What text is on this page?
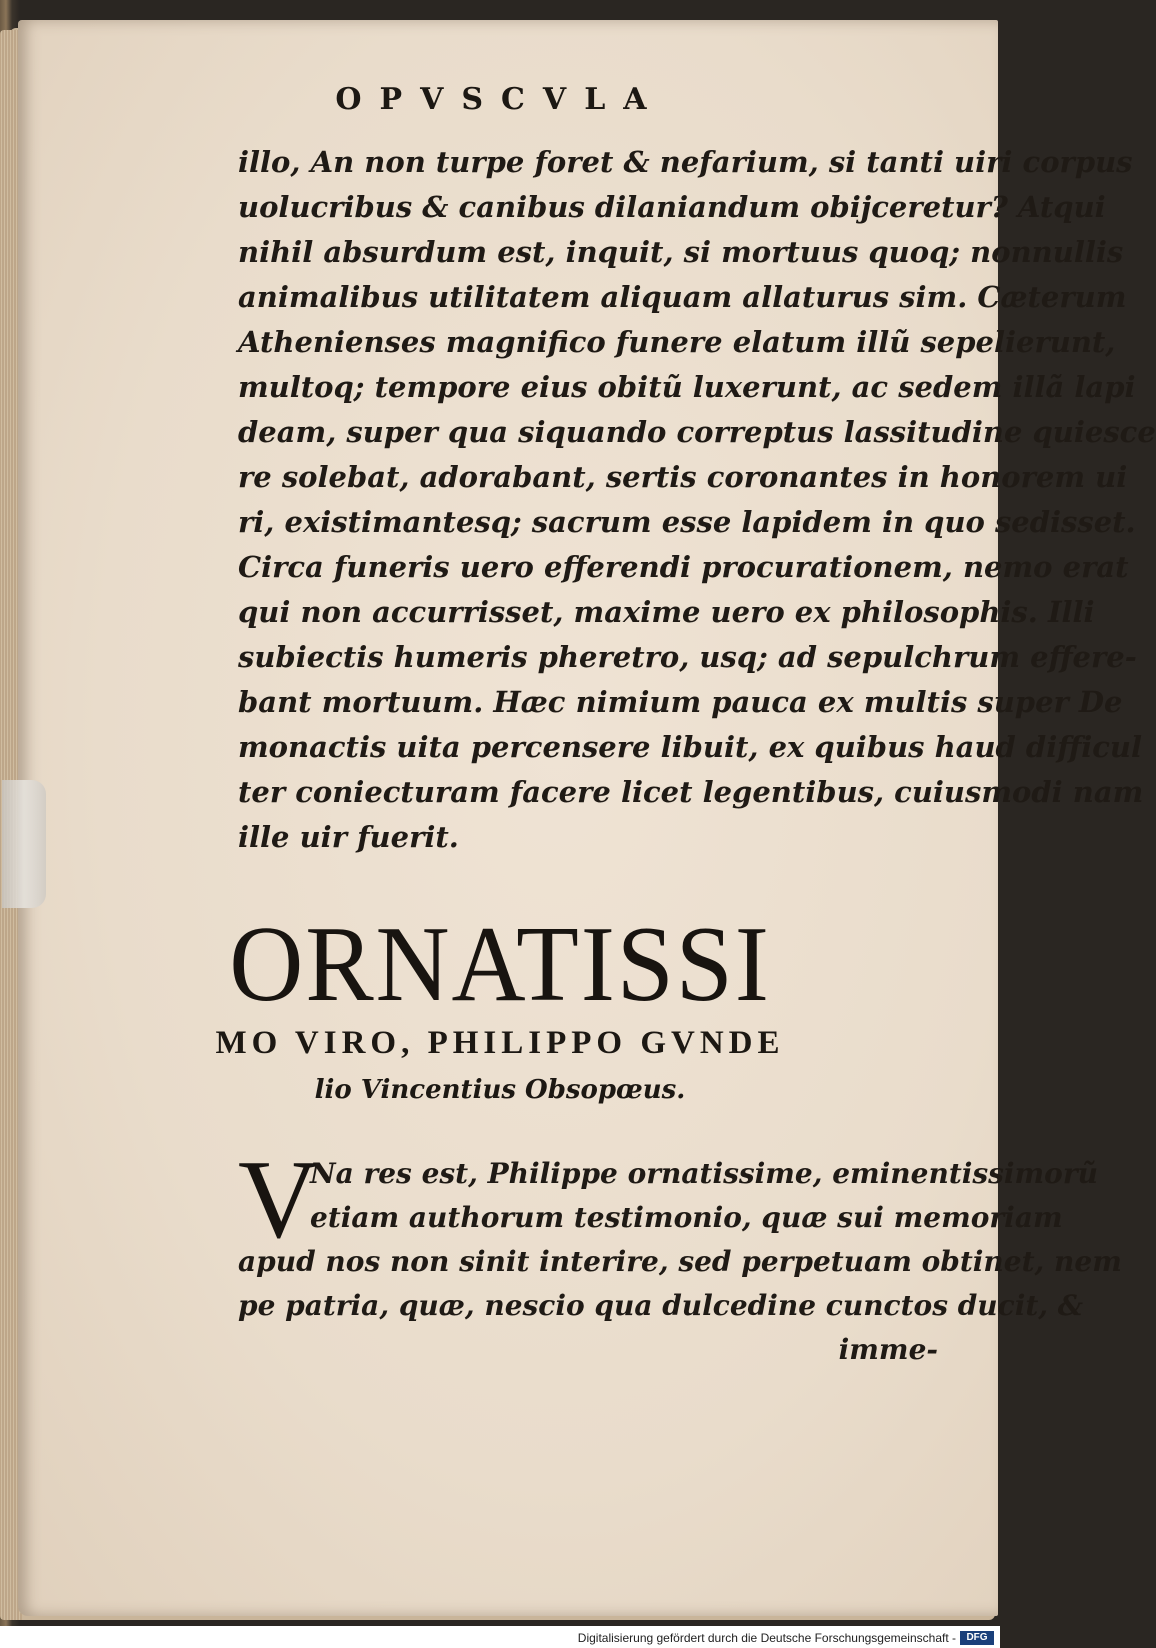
OPVSCVLA
illo, An non turpe foret & nefarium, si tanti uiri corpus
uolucribus & canibus dilaniandum obijceretur? Atqui
nihil absurdum est, inquit, si mortuus quoq; nonnullis
animalibus utilitatem aliquam allaturus sim. Cæterum
Athenienses magnifico funere elatum illũ sepelierunt,
multoq; tempore eius obitũ luxerunt, ac sedem illã lapi
deam, super qua siquando correptus lassitudine quiesce
re solebat, adorabant, sertis coronantes in honorem ui
ri, existimantesq; sacrum esse lapidem in quo sedisset.
Circa funeris uero efferendi procurationem, nemo erat
qui non accurrisset, maxime uero ex philosophis. Illi
subiectis humeris pheretro, usq; ad sepulchrum effere-
bant mortuum. Hæc nimium pauca ex multis super De
monactis uita percensere libuit, ex quibus haud difficul
ter coniecturam facere licet legentibus, cuiusmodi nam
ille uir fuerit.
ORNATISSI
MO VIRO, PHILIPPO GVNDE
lio Vincentius Obsopœus.
V
Na res est, Philippe ornatissime, eminentissimorũ
etiam authorum testimonio, quæ sui memoriam
apud nos non sinit interire, sed perpetuam obtinet, nem
pe patria, quæ, nescio qua dulcedine cunctos ducit, &
imme-
Digitalisierung gefördert durch die Deutsche Forschungsgemeinschaft -	DFG
